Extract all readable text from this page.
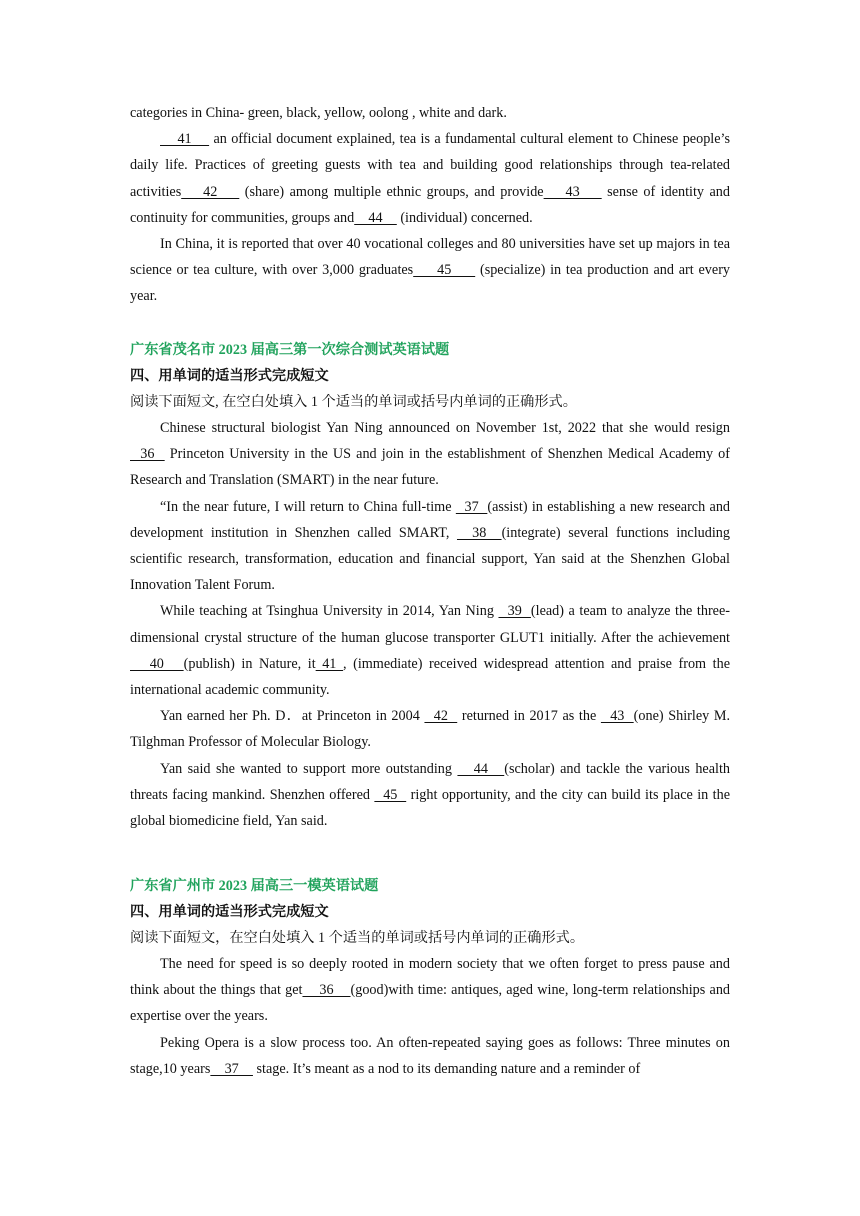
categories in China- green, black, yellow, oolong , white and dark.

41     an official document explained, tea is a fundamental cultural element to Chinese people’s daily life. Practices of greeting guests with tea and building good relationships through tea-related activities    42     (share) among multiple ethnic groups, and provide    43     sense of identity and continuity for communities, groups and    44     (individual) concerned.

In China, it is reported that over 40 vocational colleges and 80 universities have set up majors in tea science or tea culture, with over 3,000 graduates     45      (specialize) in tea production and art every year.

广东省茂名市 2023 届高三第一次综合测试英语试题

四、用单词的适当形式完成短文

阅读下面短文, 在空白处填入 1 个适当的单词或括号内单词的正确形式。

Chinese structural biologist Yan Ning announced on November 1st, 2022 that she would resign   36   Princeton University in the US and join in the establishment of Shenzhen Medical Academy of Research and Translation (SMART) in the near future.

“In the near future, I will return to China full-time   37  (assist) in establishing a new research and development institution in Shenzhen called SMART,   38  (integrate) several functions including scientific research, transformation, education and financial support, Yan said at the Shenzhen Global Innovation Talent Forum.

While teaching at Tsinghua University in 2014, Yan Ning   39  (lead) a team to analyze the three-dimensional crystal structure of the human glucose transporter GLUT1 initially. After the achievement    40   (publish) in Nature, it 41 , (immediate) received widespread attention and praise from the international academic community.

Yan earned her Ph. D．at Princeton in 2004   42   returned in 2017 as the   43  (one) Shirley M. Tilghman Professor of Molecular Biology.

Yan said she wanted to support more outstanding    44   (scholar) and tackle the various health threats facing mankind. Shenzhen offered   45   right opportunity, and the city can build its place in the global biomedicine field, Yan said.

广东省广州市 2023 届高三一模英语试题

四、用单词的适当形式完成短文

阅读下面短文，在空白处填入 1 个适当的单词或括号内单词的正确形式。

The need for speed is so deeply rooted in modern society that we often forget to press pause and think about the things that get    36    (good)with time: antiques, aged wine, long-term relationships and expertise over the years.

Peking Opera is a slow process too. An often-repeated saying goes as follows: Three minutes on stage,10 years    37     stage. It’s meant as a nod to its demanding nature and a reminder of
